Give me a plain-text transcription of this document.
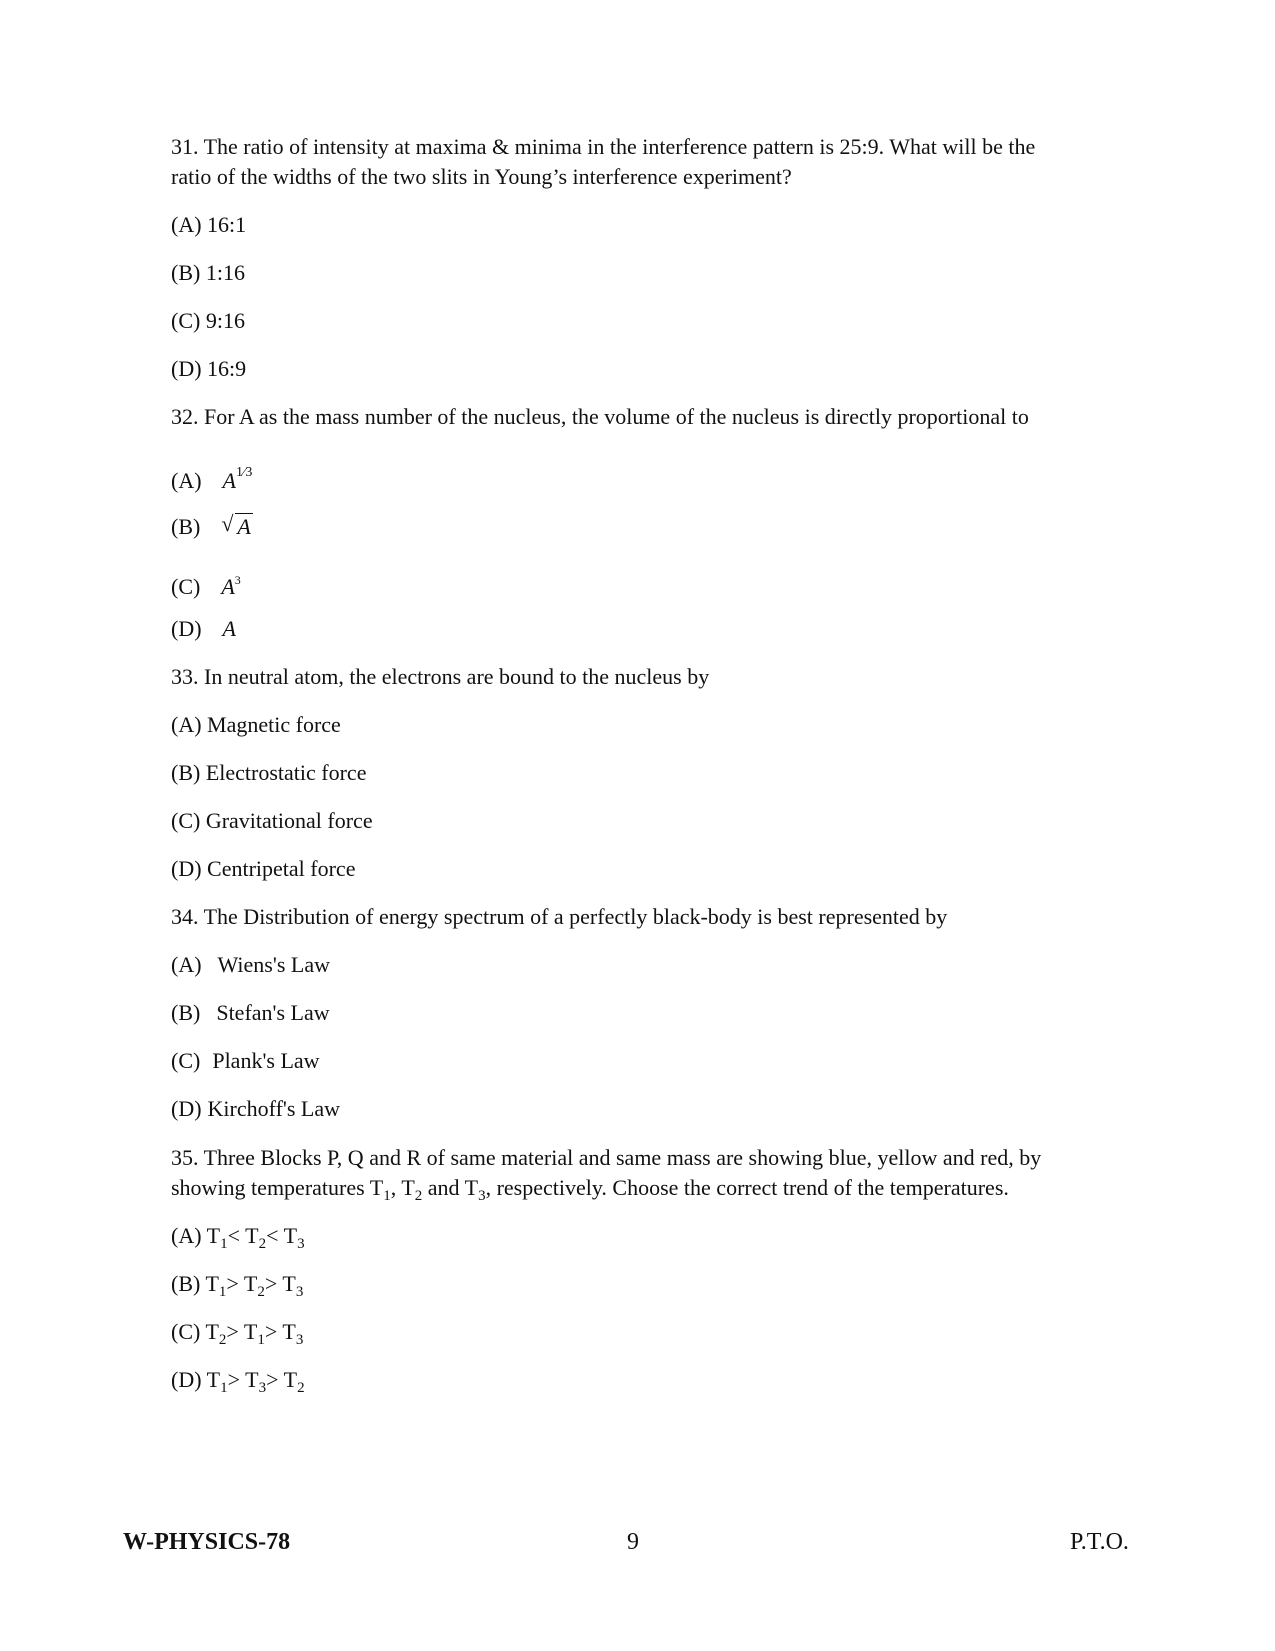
31. The ratio of intensity at maxima & minima in the interference pattern is 25:9. What will be the

ratio of the widths of the two slits in Young’s interference experiment?

(A) 16:1

(B) 1:16

(C) 9:16

(D) 16:9

32. For A as the mass number of the nucleus, the volume of the nucleus is directly proportional to

(A) $A^{1⁄3}$

(B)  √ A

(C) $A^3$

(D) A

33. In neutral atom, the electrons are bound to the nucleus by

(A) Magnetic force

(B) Electrostatic force

(C) Gravitational force

(D) Centripetal force

34. The Distribution of energy spectrum of a perfectly black-body is best represented by

(A) Wiens's Law

(B) Stefan's Law

(C) Plank's Law

(D) Kirchoff's Law

35. Three Blocks P, Q and R of same material and same mass are showing blue, yellow and red, by

showing temperatures $T_1$, $T_2$ and $T_3$, respectively. Choose the correct trend of the temperatures.

(A) $T_1< T_2< T_3$

(B) $T_1> T_2> T_3$

(C) $T_2> T_1> T_3$

(D) $T_1> T_3> T_2$

W-PHYSICS-78	9	P.T.O.
